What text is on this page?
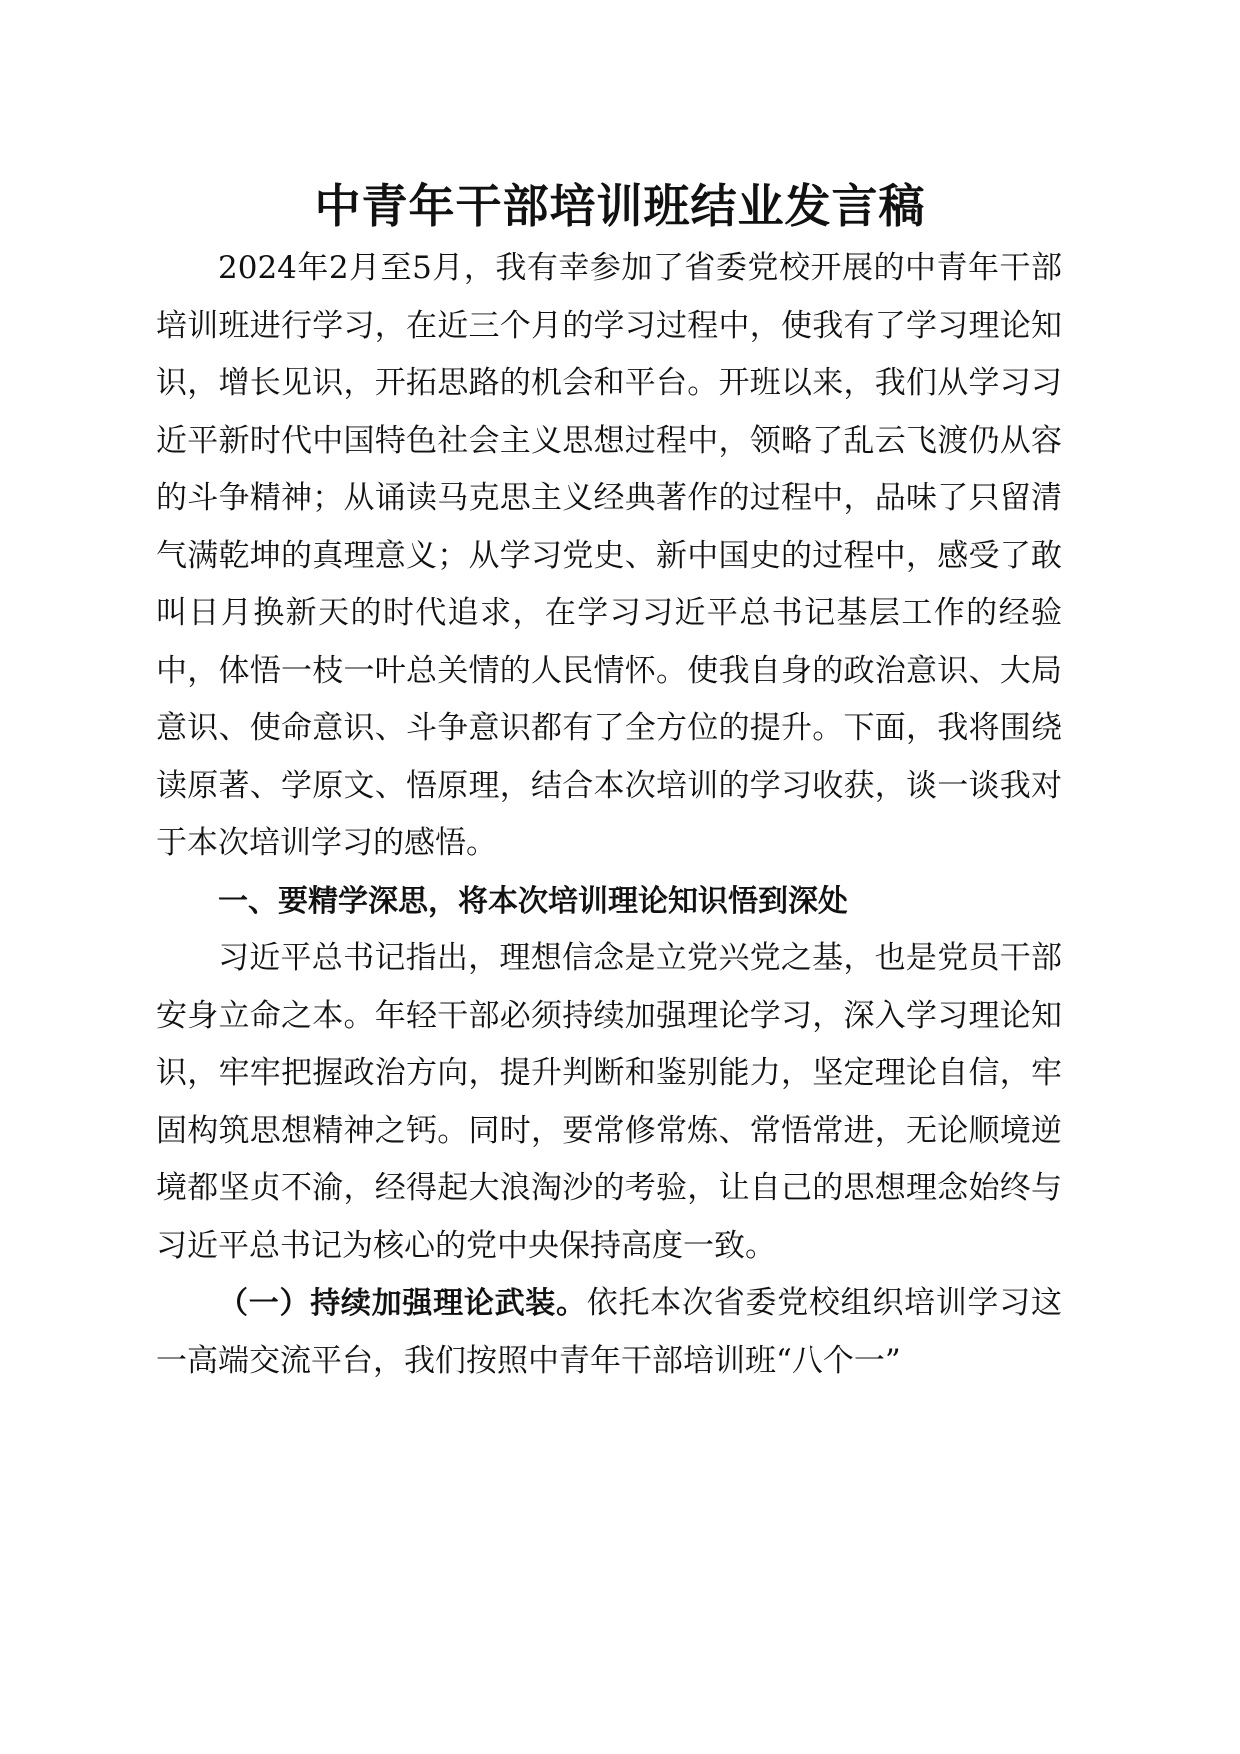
中青年干部培训班结业发言稿

2024年2月至5月，我有幸参加了省委党校开展的中青年干部培训班进行学习，在近三个月的学习过程中，使我有了学习理论知识，增长见识，开拓思路的机会和平台。开班以来，我们从学习习近平新时代中国特色社会主义思想过程中，领略了乱云飞渡仍从容的斗争精神；从诵读马克思主义经典著作的过程中，品味了只留清气满乾坤的真理意义；从学习党史、新中国史的过程中，感受了敢叫日月换新天的时代追求，在学习习近平总书记基层工作的经验中，体悟一枝一叶总关情的人民情怀。使我自身的政治意识、大局意识、使命意识、斗争意识都有了全方位的提升。下面，我将围绕读原著、学原文、悟原理，结合本次培训的学习收获，谈一谈我对于本次培训学习的感悟。

一、要精学深思，将本次培训理论知识悟到深处

习近平总书记指出，理想信念是立党兴党之基，也是党员干部安身立命之本。年轻干部必须持续加强理论学习，深入学习理论知识，牢牢把握政治方向，提升判断和鉴别能力，坚定理论自信，牢固构筑思想精神之钙。同时，要常修常炼、常悟常进，无论顺境逆境都坚贞不渝，经得起大浪淘沙的考验，让自己的思想理念始终与习近平总书记为核心的党中央保持高度一致。

（一）持续加强理论武装。依托本次省委党校组织培训学习这一高端交流平台，我们按照中青年干部培训班“八个一”
